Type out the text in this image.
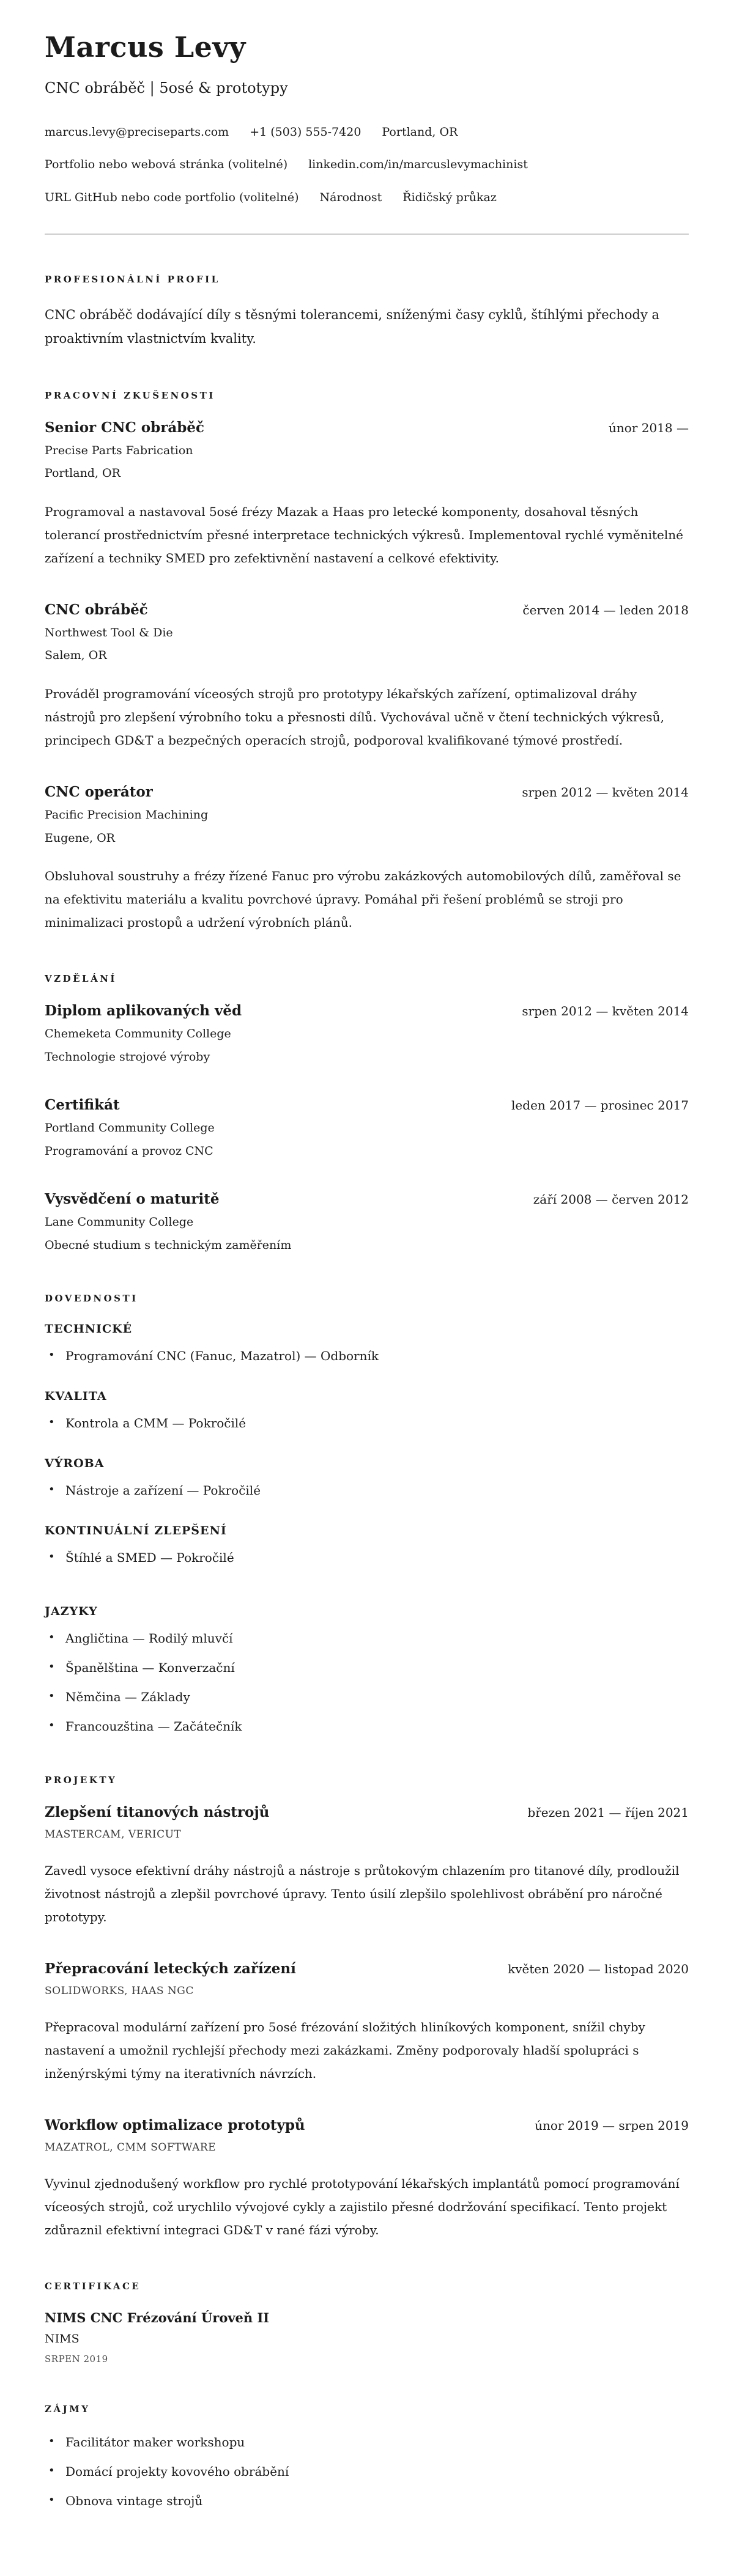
Marcus Levy

CNC obráběč | 5osé & prototypy

marcus.levy@preciseparts.com +1 (503) 555-7420 Portland, OR
Portfolio nebo webová stránka (volitelné) linkedin.com/in/marcuslevymachinist
URL GitHub nebo code portfolio (volitelné) Národnost Řidičský průkaz
PROFESIONÁLNÍ PROFIL

CNC obráběč dodávající díly s těsnými tolerancemi, sníženými časy cyklů, štíhlými přechody a proaktivním vlastnictvím kvality.

PRACOVNÍ ZKUŠENOSTI
Senior CNC obráběč	únor 2018 —
Precise Parts Fabrication
Portland, OR

Programoval a nastavoval 5osé frézy Mazak a Haas pro letecké komponenty, dosahoval těsných tolerancí prostřednictvím přesné interpretace technických výkresů. Implementoval rychlé vyměnitelné zařízení a techniky SMED pro zefektivnění nastavení a celkové efektivity.

CNC obráběč	červen 2014 — leden 2018
Northwest Tool & Die
Salem, OR

Prováděl programování víceosých strojů pro prototypy lékařských zařízení, optimalizoval dráhy nástrojů pro zlepšení výrobního toku a přesnosti dílů. Vychovával učně v čtení technických výkresů, principech GD&T a bezpečných operacích strojů, podporoval kvalifikované týmové prostředí.

CNC operátor	srpen 2012 — květen 2014
Pacific Precision Machining
Eugene, OR

Obsluhoval soustruhy a frézy řízené Fanuc pro výrobu zakázkových automobilových dílů, zaměřoval se na efektivitu materiálu a kvalitu povrchové úpravy. Pomáhal při řešení problémů se stroji pro minimalizaci prostopů a udržení výrobních plánů.

VZDĚLÁNÍ
Diplom aplikovaných věd	srpen 2012 — květen 2014
Chemeketa Community College
Technologie strojové výroby
Certifikát	leden 2017 — prosinec 2017
Portland Community College
Programování a provoz CNC
Vysvědčení o maturitě	září 2008 — červen 2012
Lane Community College
Obecné studium s technickým zaměřením
DOVEDNOSTI
TECHNICKÉ
• Programování CNC (Fanuc, Mazatrol) — Odborník
KVALITA
• Kontrola a CMM — Pokročilé
VÝROBA
• Nástroje a zařízení — Pokročilé
KONTINUÁLNÍ ZLEPŠENÍ
• Štíhlé a SMED — Pokročilé
JAZYKY
• Angličtina — Rodilý mluvčí
• Španělština — Konverzační
• Němčina — Základy
• Francouzština — Začátečník
PROJEKTY
Zlepšení titanových nástrojů	březen 2021 — říjen 2021
MASTERCAM, VERICUT

Zavedl vysoce efektivní dráhy nástrojů a nástroje s průtokovým chlazením pro titanové díly, prodloužil životnost nástrojů a zlepšil povrchové úpravy. Tento úsilí zlepšilo spolehlivost obrábění pro náročné prototypy.

Přepracování leteckých zařízení	květen 2020 — listopad 2020
SOLIDWORKS, HAAS NGC

Přepracoval modulární zařízení pro 5osé frézování složitých hliníkových komponent, snížil chyby nastavení a umožnil rychlejší přechody mezi zakázkami. Změny podporovaly hladší spolupráci s inženýrskými týmy na iterativních návrzích.

Workflow optimalizace prototypů	únor 2019 — srpen 2019
MAZATROL, CMM SOFTWARE

Vyvinul zjednodušený workflow pro rychlé prototypování lékařských implantátů pomocí programování víceosých strojů, což urychlilo vývojové cykly a zajistilo přesné dodržování specifikací. Tento projekt zdůraznil efektivní integraci GD&T v rané fázi výroby.

CERTIFIKACE
NIMS CNC Frézování Úroveň II
NIMS
SRPEN 2019
ZÁJMY
• Facilitátor maker workshopu
• Domácí projekty kovového obrábění
• Obnova vintage strojů
